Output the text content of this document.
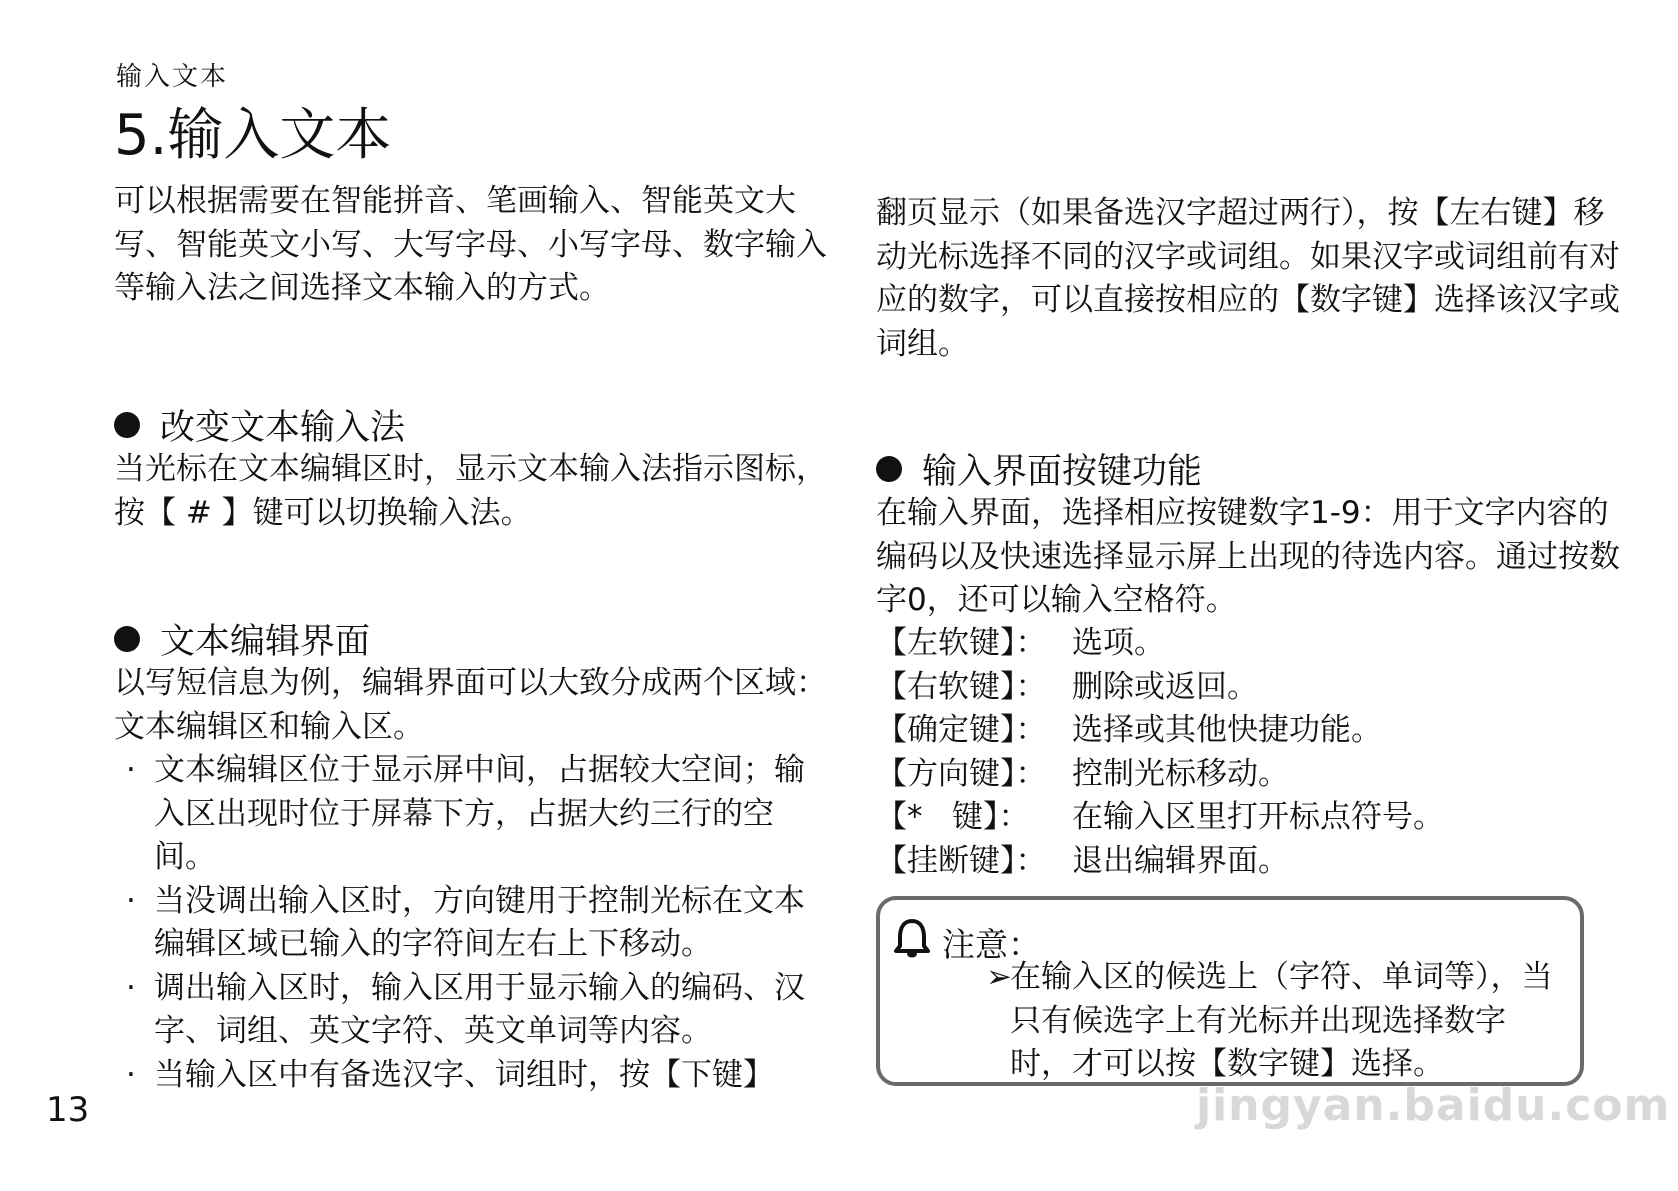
输入文本
5.输入文本

可以根据需要在智能拼音、笔画输入、智能英文大写、智能英文小写、大写字母、小写字母、数字输入等输入法之间选择文本输入的方式。

改变文本输入法

当光标在文本编辑区时，显示文本输入法指示图标，按【 # 】键可以切换输入法。

文本编辑界面

以写短信息为例，编辑界面可以大致分成两个区域：文本编辑区和输入区。

· 文本编辑区位于显示屏中间，占据较大空间；输入区出现时位于屏幕下方，占据大约三行的空间。
· 当没调出输入区时，方向键用于控制光标在文本编辑区域已输入的字符间左右上下移动。
· 调出输入区时，输入区用于显示输入的编码、汉字、词组、英文字符、英文单词等内容。
· 当输入区中有备选汉字、词组时，按【下键】

翻页显示（如果备选汉字超过两行），按【左右键】移动光标选择不同的汉字或词组。如果汉字或词组前有对应的数字，可以直接按相应的【数字键】选择该汉字或词组。

输入界面按键功能

在输入界面，选择相应按键数字1-9：用于文字内容的编码以及快速选择显示屏上出现的待选内容。通过按数字0，还可以输入空格符。

【左软键】： 选项。
【右软键】： 删除或返回。
【确定键】： 选择或其他快捷功能。
【方向键】： 控制光标移动。
【*   键】：	在输入区里打开标点符号。
【挂断键】： 退出编辑界面。
注意：
➢
在输入区的候选上（字符、单词等），当只有候选字上有光标并出现选择数字时，才可以按【数字键】选择。
jingyan.baidu.com
13
